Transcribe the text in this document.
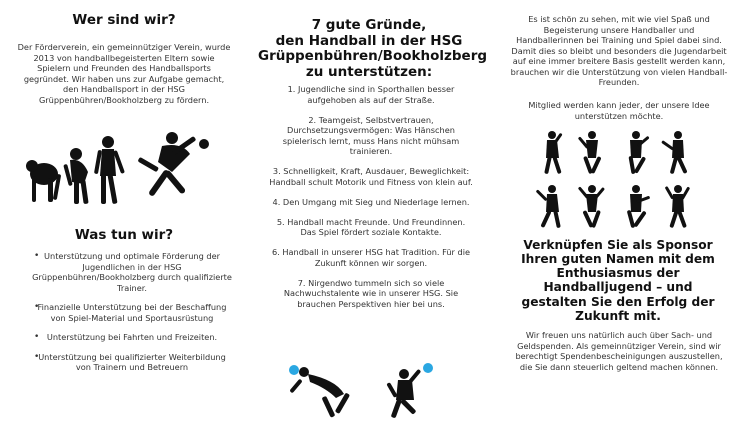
Wer sind wir?

Der Förderverein, ein gemeinnütziger Verein, wurde 2013 von handballbegeisterten Eltern sowie Spielern und Freunden des Handballsports gegründet. Wir haben uns zur Aufgabe gemacht, den Handballsport in der HSG Grüppenbühren/Bookholzberg zu fördern.

Was tun wir?
• Unterstützung und optimale Förderung der Jugendlichen in der HSG Grüppenbühren/Bookholzberg durch qualifizierte Trainer.
• Finanzielle Unterstützung bei der Beschaffung von Spiel-Material und Sportausrüstung
• Unterstützung bei Fahrten und Freizeiten.
• Unterstützung bei qualifizierter Weiterbildung von Trainern und Betreuern
7 gute Gründe,
den Handball in der HSG
Grüppenbühren/Bookholzberg
zu unterstützen:
1. Jugendliche sind in Sporthallen besser aufgehoben als auf der Straße.
2. Teamgeist, Selbstvertrauen, Durchsetzungsvermögen: Was Hänschen spielerisch lernt, muss Hans nicht mühsam trainieren.
3. Schnelligkeit, Kraft, Ausdauer, Beweglichkeit: Handball schult Motorik und Fitness von klein auf.
4. Den Umgang mit Sieg und Niederlage lernen.
5. Handball macht Freunde. Und Freundinnen. Das Spiel fördert soziale Kontakte.
6. Handball in unserer HSG hat Tradition. Für die Zukunft können wir sorgen.
7. Nirgendwo tummeln sich so viele Nachwuchstalente wie in unserer HSG. Sie brauchen Perspektiven hier bei uns.

Es ist schön zu sehen, mit wie viel Spaß und Begeisterung unsere Handballer und Handballerinnen bei Training und Spiel dabei sind. Damit dies so bleibt und besonders die Jugendarbeit auf eine immer breitere Basis gestellt werden kann, brauchen wir die Unterstützung von vielen Handball-Freunden.

Mitglied werden kann jeder, der unsere Idee unterstützen möchte.

Verknüpfen Sie als Sponsor
Ihren guten Namen mit dem
Enthusiasmus der
Handballjugend – und
gestalten Sie den Erfolg der
Zukunft mit.

Wir freuen uns natürlich auch über Sach- und Geldspenden. Als gemeinnütziger Verein, sind wir berechtigt Spendenbescheinigungen auszustellen, die Sie dann steuerlich geltend machen können.
